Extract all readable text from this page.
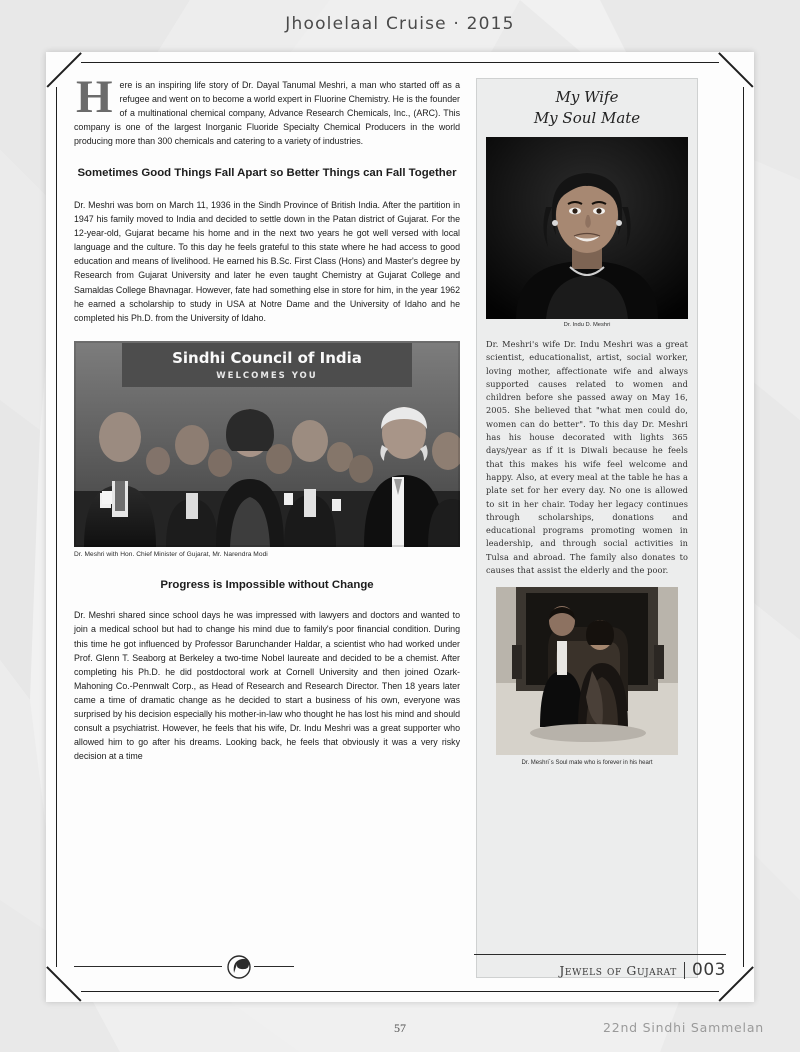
Jhoolelaal Cruise · 2015
Here is an inspiring life story of Dr. Dayal Tanumal Meshri, a man who started off as a refugee and went on to become a world expert in Fluorine Chemistry. He is the founder of a multinational chemical company, Advance Research Chemicals, Inc., (ARC). This company is one of the largest Inorganic Fluoride Specialty Chemical Producers in the world producing more than 300 chemicals and catering to a variety of industries.
Sometimes Good Things Fall Apart so Better Things can Fall Together
Dr. Meshri was born on March 11, 1936 in the Sindh Province of British India. After the partition in 1947 his family moved to India and decided to settle down in the Patan district of Gujarat. For the 12-year-old, Gujarat became his home and in the next two years he got well versed with local language and the culture. To this day he feels grateful to this state where he had access to good education and means of livelihood. He earned his B.Sc. First Class (Hons) and Master's degree by Research from Gujarat University and later he even taught Chemistry at Gujarat College and Samaldas College Bhavnagar. However, fate had something else in store for him, in the year 1962 he earned a scholarship to study in USA at Notre Dame and the University of Idaho and he completed his Ph.D. from the University of Idaho.
Sindhi Council of India
WELCOMES YOU
Dr. Meshri with Hon. Chief Minister of Gujarat, Mr. Narendra Modi
Progress is Impossible without Change
Dr. Meshri shared since school days he was impressed with lawyers and doctors and wanted to join a medical school but had to change his mind due to family's poor financial condition. During this time he got influenced by Professor Barunchander Haldar, a scientist who had worked under Prof. Glenn T. Seaborg at Berkeley a two-time Nobel laureate and decided to be a chemist. After completing his Ph.D. he did postdoctoral work at Cornell University and then joined Ozark-Mahoning Co.-Pennwalt Corp., as Head of Research and Research Director. Then 18 years later came a time of dramatic change as he decided to start a business of his own, everyone was surprised by his decision especially his mother-in-law who thought he has lost his mind and should consult a psychiatrist. However, he feels that his wife, Dr. Indu Meshri was a great supporter who allowed him to go after his dreams. Looking back, he feels that obviously it was a very risky decision at a time
My Wife
My Soul Mate
Dr. Indu D. Meshri
Dr. Meshri's wife Dr. Indu Meshri was a great scientist, educationalist, artist, social worker, loving mother, affectionate wife and always supported causes related to women and children before she passed away on May 16, 2005. She believed that "what men could do, women can do better". To this day Dr. Meshri has his house decorated with lights 365 days/year as if it is Diwali because he feels that this makes his wife feel welcome and happy. Also, at every meal at the table he has a plate set for her every day. No one is allowed to sit in her chair. Today her legacy continues through scholarships, donations and educational programs promoting women in leadership, and through social activities in Tulsa and abroad. The family also donates to causes that assist the elderly and the poor.
Dr. Meshri`s Soul mate who is forever in his heart
Jewels of Gujarat 003
57	22nd Sindhi Sammelan
